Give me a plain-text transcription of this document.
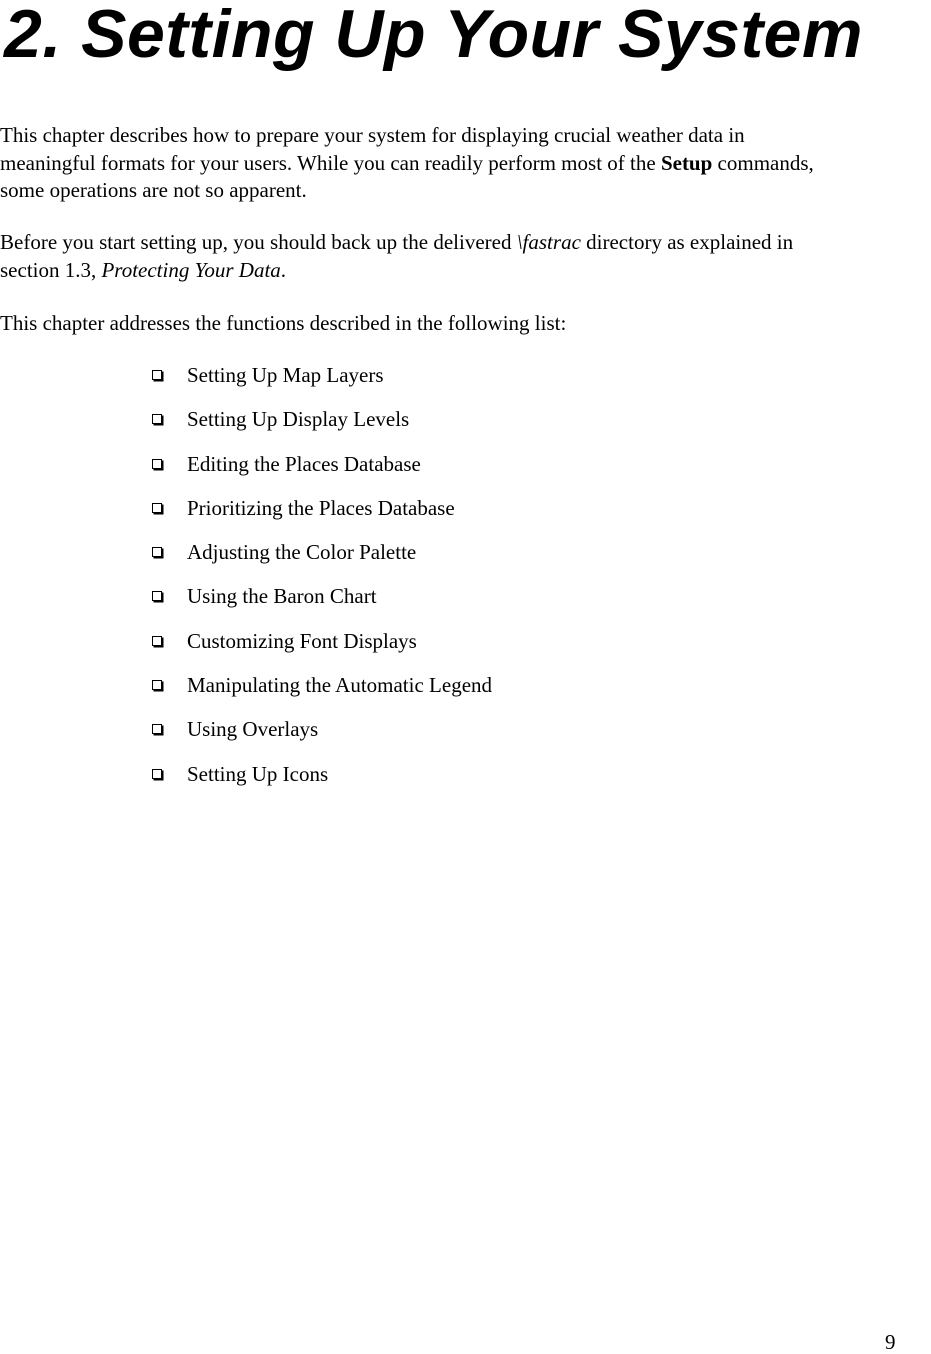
2. Setting Up Your System

This chapter describes how to prepare your system for displaying crucial weather data in
meaningful formats for your users. While you can readily perform most of the Setup commands,
some operations are not so apparent.

Before you start setting up, you should back up the delivered \fastrac directory as explained in
section 1.3, Protecting Your Data.

This chapter addresses the functions described in the following list:

Setting Up Map Layers
Setting Up Display Levels
Editing the Places Database
Prioritizing the Places Database
Adjusting the Color Palette
Using the Baron Chart
Customizing Font Displays
Manipulating the Automatic Legend
Using Overlays
Setting Up Icons
9
